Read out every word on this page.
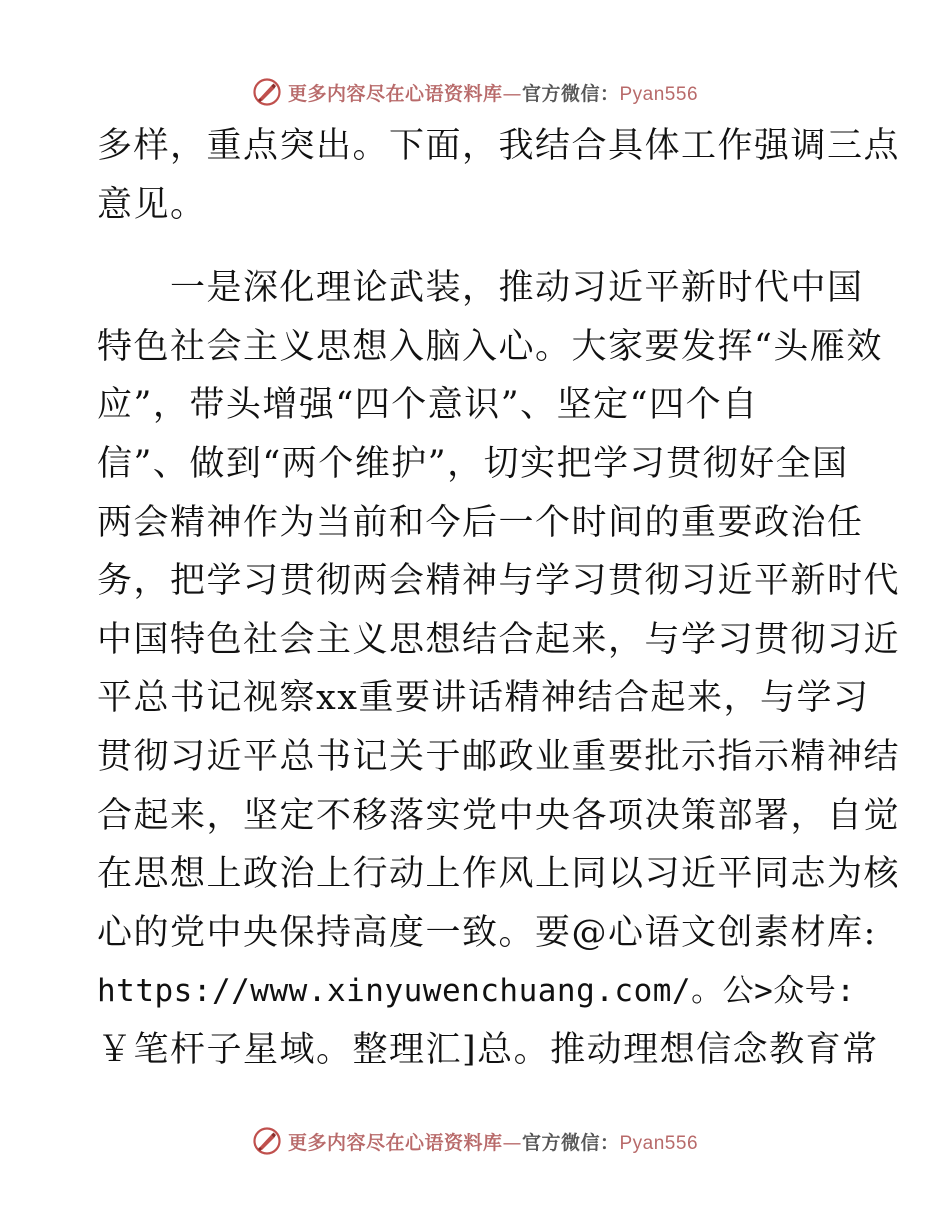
更多内容尽在心语资料库—官方微信：Pyan556
多样，重点突出。下面，我结合具体工作强调三点
意见。
　　一是深化理论武装，推动习近平新时代中国
特色社会主义思想入脑入心。大家要发挥“头雁效
应”，带头增强“四个意识”、坚定“四个自
信”、做到“两个维护”，切实把学习贯彻好全国
两会精神作为当前和今后一个时间的重要政治任
务，把学习贯彻两会精神与学习贯彻习近平新时代
中国特色社会主义思想结合起来，与学习贯彻习近
平总书记视察xx重要讲话精神结合起来，与学习
贯彻习近平总书记关于邮政业重要批示指示精神结
合起来，坚定不移落实党中央各项决策部署，自觉
在思想上政治上行动上作风上同以习近平同志为核
心的党中央保持高度一致。要@心语文创素材库:
https://www.xinyuwenchuang.com/。公>众号:
￥笔杆子星域。整理汇]总。推动理想信念教育常
更多内容尽在心语资料库—官方微信：Pyan556
